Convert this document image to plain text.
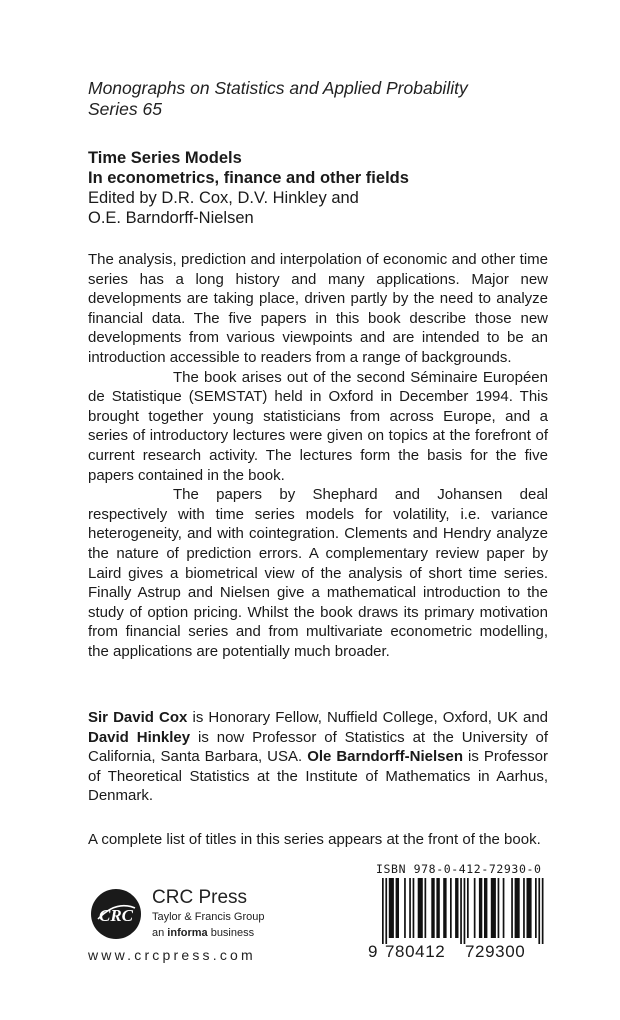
Monographs on Statistics and Applied Probability
Series 65
Time Series Models
In econometrics, finance and other fields
Edited by D.R. Cox, D.V. Hinkley and
O.E. Barndorff-Nielsen

The analysis, prediction and interpolation of economic and other time series has a long history and many applications. Major new developments are taking place, driven partly by the need to analyze financial data. The five papers in this book describe those new developments from various viewpoints and are intended to be an introduction accessible to readers from a range of backgrounds.

The book arises out of the second Séminaire Européen de Statistique (SEMSTAT) held in Oxford in December 1994. This brought together young statisticians from across Europe, and a series of introductory lectures were given on topics at the forefront of current research activity. The lectures form the basis for the five papers contained in the book.

The papers by Shephard and Johansen deal respectively with time series models for volatility, i.e. variance heterogeneity, and with cointegration. Clements and Hendry analyze the nature of prediction errors. A complementary review paper by Laird gives a biometrical view of the analysis of short time series. Finally Astrup and Nielsen give a mathematical introduction to the study of option pricing. Whilst the book draws its primary motivation from financial series and from multivariate econometric modelling, the applications are potentially much broader.

Sir David Cox is Honorary Fellow, Nuffield College, Oxford, UK and David Hinkley is now Professor of Statistics at the University of California, Santa Barbara, USA. Ole Barndorff-Nielsen is Professor of Theoretical Statistics at the Institute of Mathematics in Aarhus, Denmark.

A complete list of titles in this series appears at the front of the book.

CRC
CRC Press
Taylor & Francis Group
an informa business
www.crcpress.com
ISBN 978-0-412-72930-0
9 780412 729300
